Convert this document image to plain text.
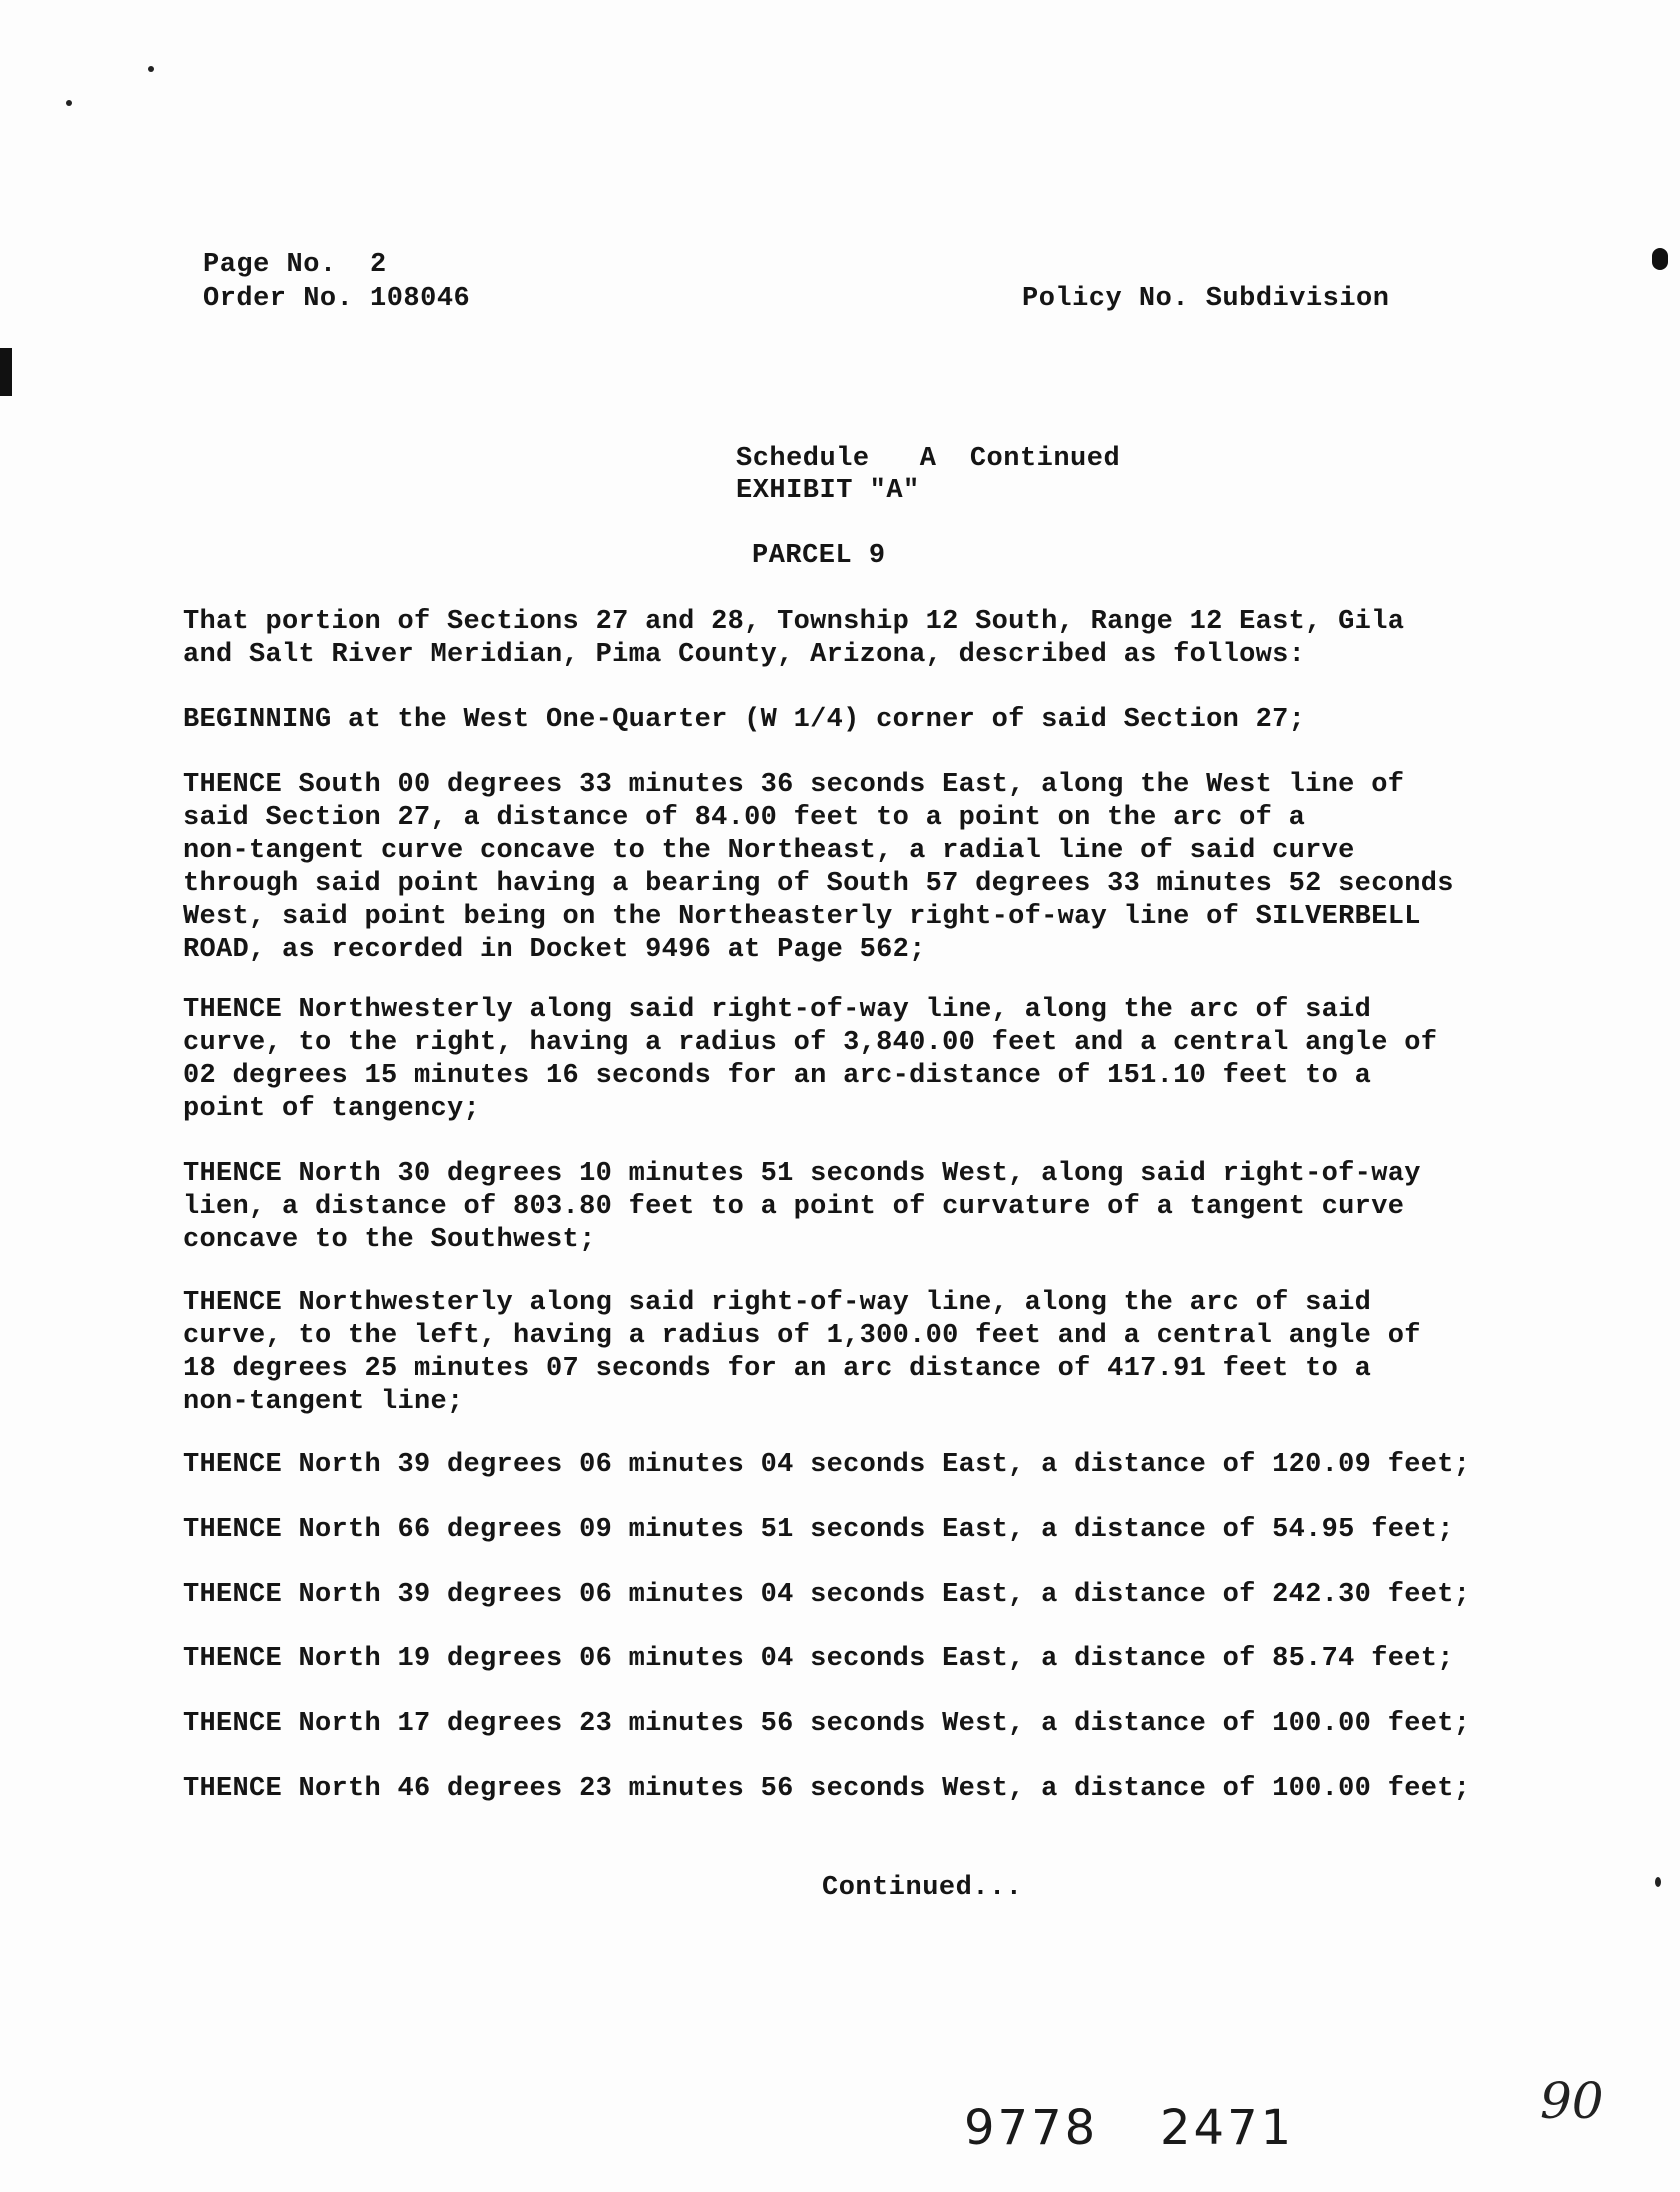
Page No.  2
Order No. 108046	Policy No. Subdivision
Schedule   A  Continued
EXHIBIT "A"
PARCEL 9
That portion of Sections 27 and 28, Township 12 South, Range 12 East, Gila
and Salt River Meridian, Pima County, Arizona, described as follows:
BEGINNING at the West One-Quarter (W 1/4) corner of said Section 27;
THENCE South 00 degrees 33 minutes 36 seconds East, along the West line of
said Section 27, a distance of 84.00 feet to a point on the arc of a
non-tangent curve concave to the Northeast, a radial line of said curve
through said point having a bearing of South 57 degrees 33 minutes 52 seconds
West, said point being on the Northeasterly right-of-way line of SILVERBELL
ROAD, as recorded in Docket 9496 at Page 562;
THENCE Northwesterly along said right-of-way line, along the arc of said
curve, to the right, having a radius of 3,840.00 feet and a central angle of
02 degrees 15 minutes 16 seconds for an arc-distance of 151.10 feet to a
point of tangency;
THENCE North 30 degrees 10 minutes 51 seconds West, along said right-of-way
lien, a distance of 803.80 feet to a point of curvature of a tangent curve
concave to the Southwest;
THENCE Northwesterly along said right-of-way line, along the arc of said
curve, to the left, having a radius of 1,300.00 feet and a central angle of
18 degrees 25 minutes 07 seconds for an arc distance of 417.91 feet to a
non-tangent line;
THENCE North 39 degrees 06 minutes 04 seconds East, a distance of 120.09 feet;
THENCE North 66 degrees 09 minutes 51 seconds East, a distance of 54.95 feet;
THENCE North 39 degrees 06 minutes 04 seconds East, a distance of 242.30 feet;
THENCE North 19 degrees 06 minutes 04 seconds East, a distance of 85.74 feet;
THENCE North 17 degrees 23 minutes 56 seconds West, a distance of 100.00 feet;
THENCE North 46 degrees 23 minutes 56 seconds West, a distance of 100.00 feet;
Continued...
9778 2471	90
